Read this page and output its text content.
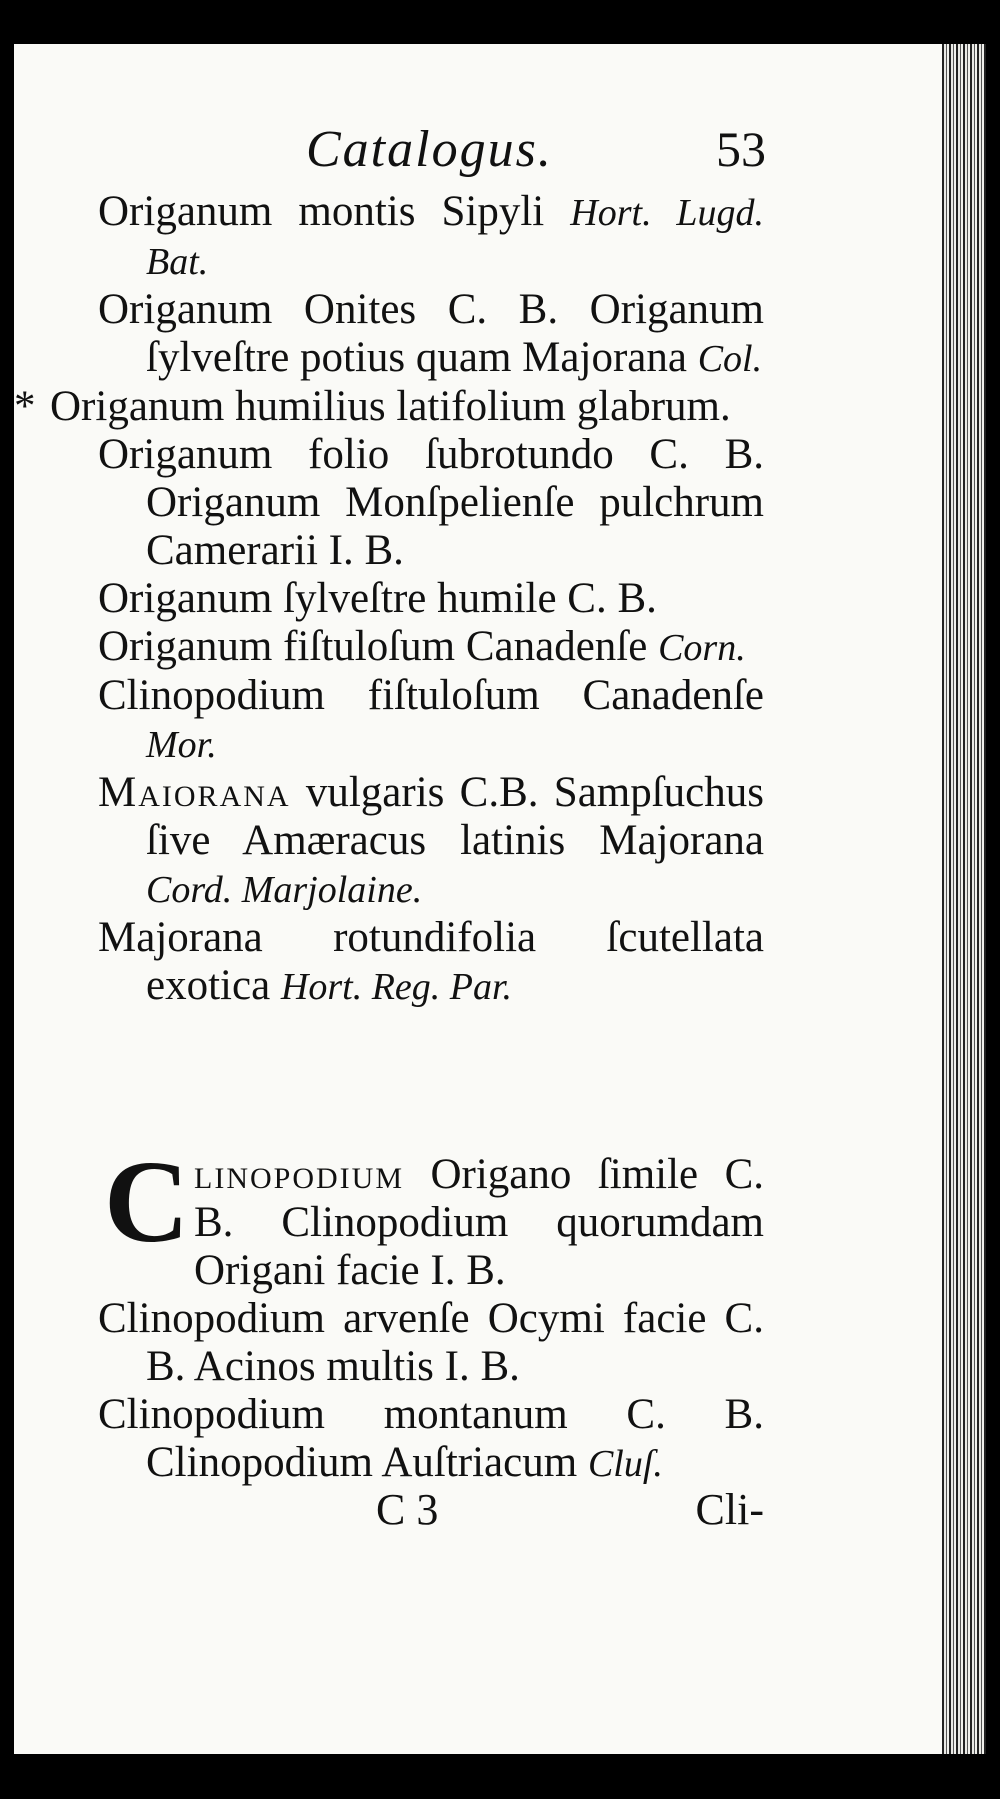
Catalogus.	53

Origanum montis Sipyli Hort. Lugd. Bat.

Origanum Onites C. B. Origanum ſylveſtre potius quam Majorana Col.

* Origanum humilius latifolium glabrum.

Origanum folio ſubrotundo C. B. Origanum Monſpelienſe pulchrum Camerarii I. B.

Origanum ſylveſtre humile C. B.

Origanum fiſtuloſum Canadenſe Corn.

Clinopodium fiſtuloſum Canadenſe Mor.

Maiorana vulgaris C.B. Sampſuchus ſive Amæracus latinis Majorana Cord. Marjolaine.

Majorana rotundifolia ſcutellata exotica Hort. Reg. Par.

C linopodium Origano ſimile C. B. Clinopodium quorumdam Origani facie I. B.

Clinopodium arvenſe Ocymi facie C. B. Acinos multis I. B.

Clinopodium montanum C. B. Clinopodium Auſtriacum Cluſ.

C 3	Cli-
